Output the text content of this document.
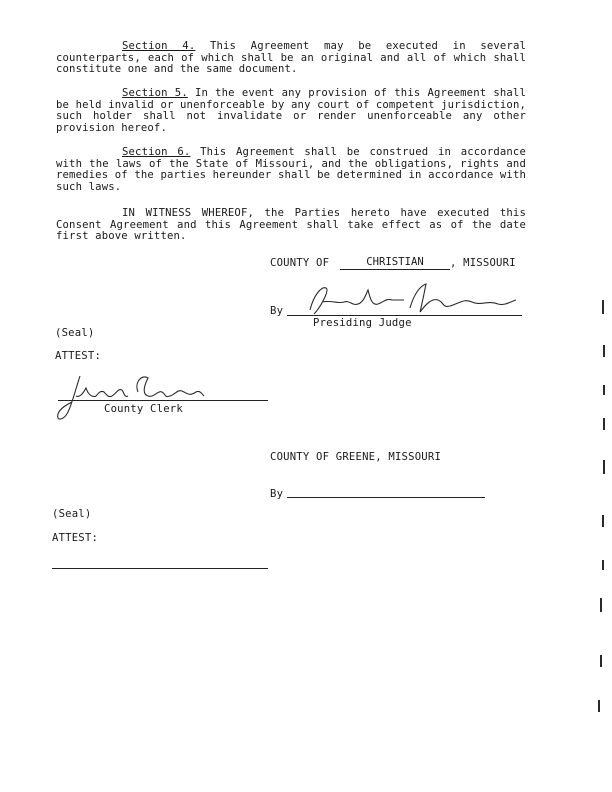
Section 4. This Agreement may be executed in several counterparts, each of which shall be an original and all of which shall constitute one and the same document.
Section 5. In the event any provision of this Agreement shall be held invalid or unenforceable by any court of competent jurisdiction, such holder shall not invalidate or render unenforceable any other provision hereof.
Section 6. This Agreement shall be construed in accordance with the laws of the State of Missouri, and the obligations, rights and remedies of the parties hereunder shall be determined in accordance with such laws.
IN WITNESS WHEREOF, the Parties hereto have executed this Consent Agreement and this Agreement shall take effect as of the date first above written.
COUNTY OF	CHRISTIAN	, MISSOURI
By
Presiding Judge
(Seal)
ATTEST:
County Clerk
COUNTY OF GREENE, MISSOURI
By
(Seal)
ATTEST:
